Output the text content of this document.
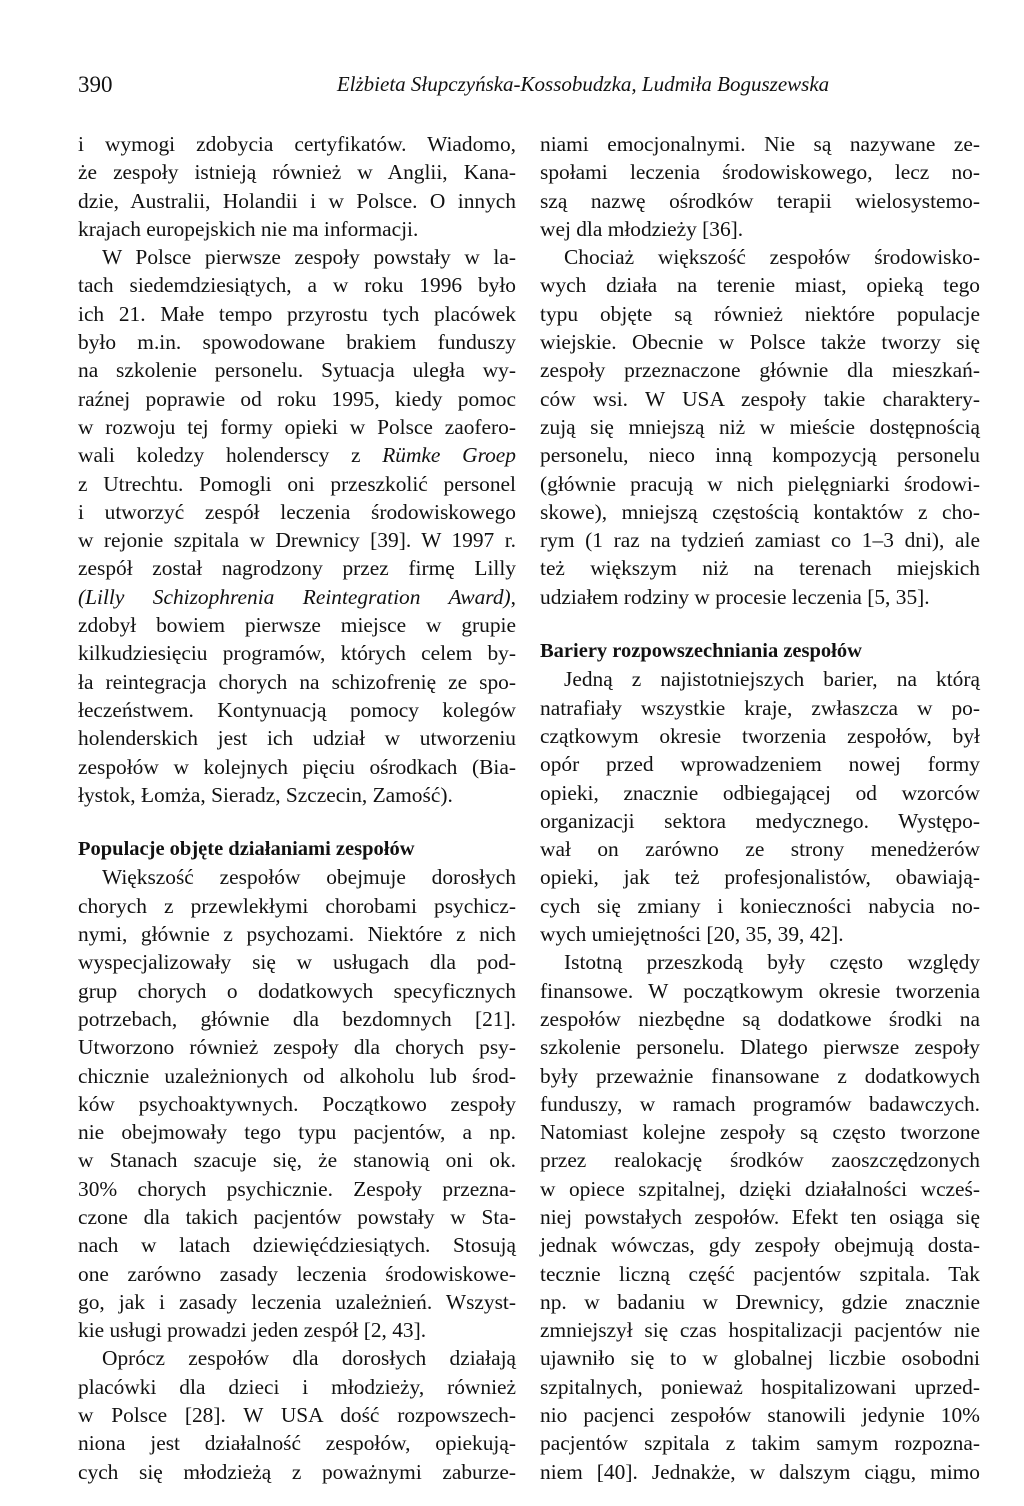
390	Elżbieta Słupczyńska-Kossobudzka, Ludmiła Boguszewska
i wymogi zdobycia certyfikatów. Wiadomo,
że zespoły istnieją również w Anglii, Kana-
dzie, Australii, Holandii i w Polsce. O innych
krajach europejskich nie ma informacji.
W Polsce pierwsze zespoły powstały w la-
tach siedemdziesiątych, a w roku 1996 było
ich 21. Małe tempo przyrostu tych placówek
było m.in. spowodowane brakiem funduszy
na szkolenie personelu. Sytuacja uległa wy-
raźnej poprawie od roku 1995, kiedy pomoc
w rozwoju tej formy opieki w Polsce zaofero-
wali koledzy holenderscy z Rümke Groep
z Utrechtu. Pomogli oni przeszkolić personel
i utworzyć zespół leczenia środowiskowego
w rejonie szpitala w Drewnicy [39]. W 1997 r.
zespół został nagrodzony przez firmę Lilly
(Lilly Schizophrenia Reintegration Award),
zdobył bowiem pierwsze miejsce w grupie
kilkudziesięciu programów, których celem by-
ła reintegracja chorych na schizofrenię ze spo-
łeczeństwem. Kontynuacją pomocy kolegów
holenderskich jest ich udział w utworzeniu
zespołów w kolejnych pięciu ośrodkach (Bia-
łystok, Łomża, Sieradz, Szczecin, Zamość).
Populacje objęte działaniami zespołów
Większość zespołów obejmuje dorosłych
chorych z przewlekłymi chorobami psychicz-
nymi, głównie z psychozami. Niektóre z nich
wyspecjalizowały się w usługach dla pod-
grup chorych o dodatkowych specyficznych
potrzebach, głównie dla bezdomnych [21].
Utworzono również zespoły dla chorych psy-
chicznie uzależnionych od alkoholu lub środ-
ków psychoaktywnych. Początkowo zespoły
nie obejmowały tego typu pacjentów, a np.
w Stanach szacuje się, że stanowią oni ok.
30% chorych psychicznie. Zespoły przezna-
czone dla takich pacjentów powstały w Sta-
nach w latach dziewięćdziesiątych. Stosują
one zarówno zasady leczenia środowiskowe-
go, jak i zasady leczenia uzależnień. Wszyst-
kie usługi prowadzi jeden zespół [2, 43].
Oprócz zespołów dla dorosłych działają
placówki dla dzieci i młodzieży, również
w Polsce [28]. W USA dość rozpowszech-
niona jest działalność zespołów, opiekują-
cych się młodzieżą z poważnymi zaburze-
niami emocjonalnymi. Nie są nazywane ze-
społami leczenia środowiskowego, lecz no-
szą nazwę ośrodków terapii wielosystemo-
wej dla młodzieży [36].
Chociaż większość zespołów środowisko-
wych działa na terenie miast, opieką tego
typu objęte są również niektóre populacje
wiejskie. Obecnie w Polsce także tworzy się
zespoły przeznaczone głównie dla mieszkań-
ców wsi. W USA zespoły takie charaktery-
zują się mniejszą niż w mieście dostępnością
personelu, nieco inną kompozycją personelu
(głównie pracują w nich pielęgniarki środowi-
skowe), mniejszą częstością kontaktów z cho-
rym (1 raz na tydzień zamiast co 1–3 dni), ale
też większym niż na terenach miejskich
udziałem rodziny w procesie leczenia [5, 35].
Bariery rozpowszechniania zespołów
Jedną z najistotniejszych barier, na którą
natrafiały wszystkie kraje, zwłaszcza w po-
czątkowym okresie tworzenia zespołów, był
opór przed wprowadzeniem nowej formy
opieki, znacznie odbiegającej od wzorców
organizacji sektora medycznego. Występo-
wał on zarówno ze strony menedżerów
opieki, jak też profesjonalistów, obawiają-
cych się zmiany i konieczności nabycia no-
wych umiejętności [20, 35, 39, 42].
Istotną przeszkodą były często względy
finansowe. W początkowym okresie tworzenia
zespołów niezbędne są dodatkowe środki na
szkolenie personelu. Dlatego pierwsze zespoły
były przeważnie finansowane z dodatkowych
funduszy, w ramach programów badawczych.
Natomiast kolejne zespoły są często tworzone
przez realokację środków zaoszczędzonych
w opiece szpitalnej, dzięki działalności wcześ-
niej powstałych zespołów. Efekt ten osiąga się
jednak wówczas, gdy zespoły obejmują dosta-
tecznie liczną część pacjentów szpitala. Tak
np. w badaniu w Drewnicy, gdzie znacznie
zmniejszył się czas hospitalizacji pacjentów nie
ujawniło się to w globalnej liczbie osobodni
szpitalnych, ponieważ hospitalizowani uprzed-
nio pacjenci zespołów stanowili jedynie 10%
pacjentów szpitala z takim samym rozpozna-
niem [40]. Jednakże, w dalszym ciągu, mimo
